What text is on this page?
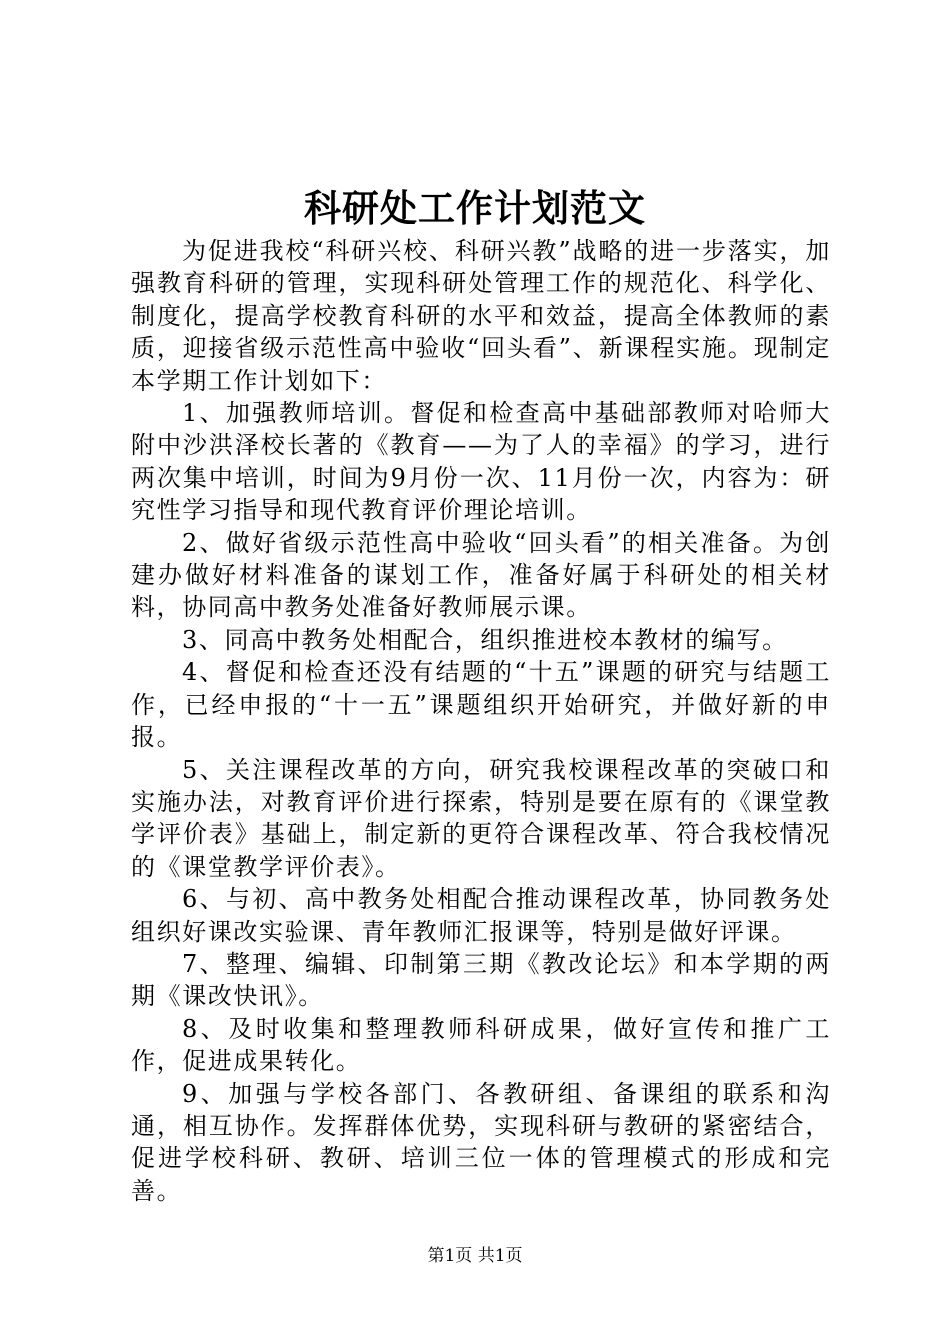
科研处工作计划范文

为促进我校“科研兴校、科研兴教”战略的进一步落实，加强教育科研的管理，实现科研处管理工作的规范化、科学化、制度化，提高学校教育科研的水平和效益，提高全体教师的素质，迎接省级示范性高中验收“回头看”、新课程实施。现制定本学期工作计划如下：

1、加强教师培训。督促和检查高中基础部教师对哈师大附中沙洪泽校长著的《教育——为了人的幸福》的学习，进行两次集中培训，时间为9月份一次、11月份一次，内容为：研究性学习指导和现代教育评价理论培训。

2、做好省级示范性高中验收“回头看”的相关准备。为创建办做好材料准备的谋划工作，准备好属于科研处的相关材料，协同高中教务处准备好教师展示课。

3、同高中教务处相配合，组织推进校本教材的编写。

4、督促和检查还没有结题的“十五”课题的研究与结题工作，已经申报的“十一五”课题组织开始研究，并做好新的申报。

5、关注课程改革的方向，研究我校课程改革的突破口和实施办法，对教育评价进行探索，特别是要在原有的《课堂教学评价表》基础上，制定新的更符合课程改革、符合我校情况的《课堂教学评价表》。

6、与初、高中教务处相配合推动课程改革，协同教务处组织好课改实验课、青年教师汇报课等，特别是做好评课。

7、整理、编辑、印制第三期《教改论坛》和本学期的两期《课改快讯》。

8、及时收集和整理教师科研成果，做好宣传和推广工作，促进成果转化。

9、加强与学校各部门、各教研组、备课组的联系和沟通，相互协作。发挥群体优势，实现科研与教研的紧密结合，促进学校科研、教研、培训三位一体的管理模式的形成和完善。

第1页 共1页
